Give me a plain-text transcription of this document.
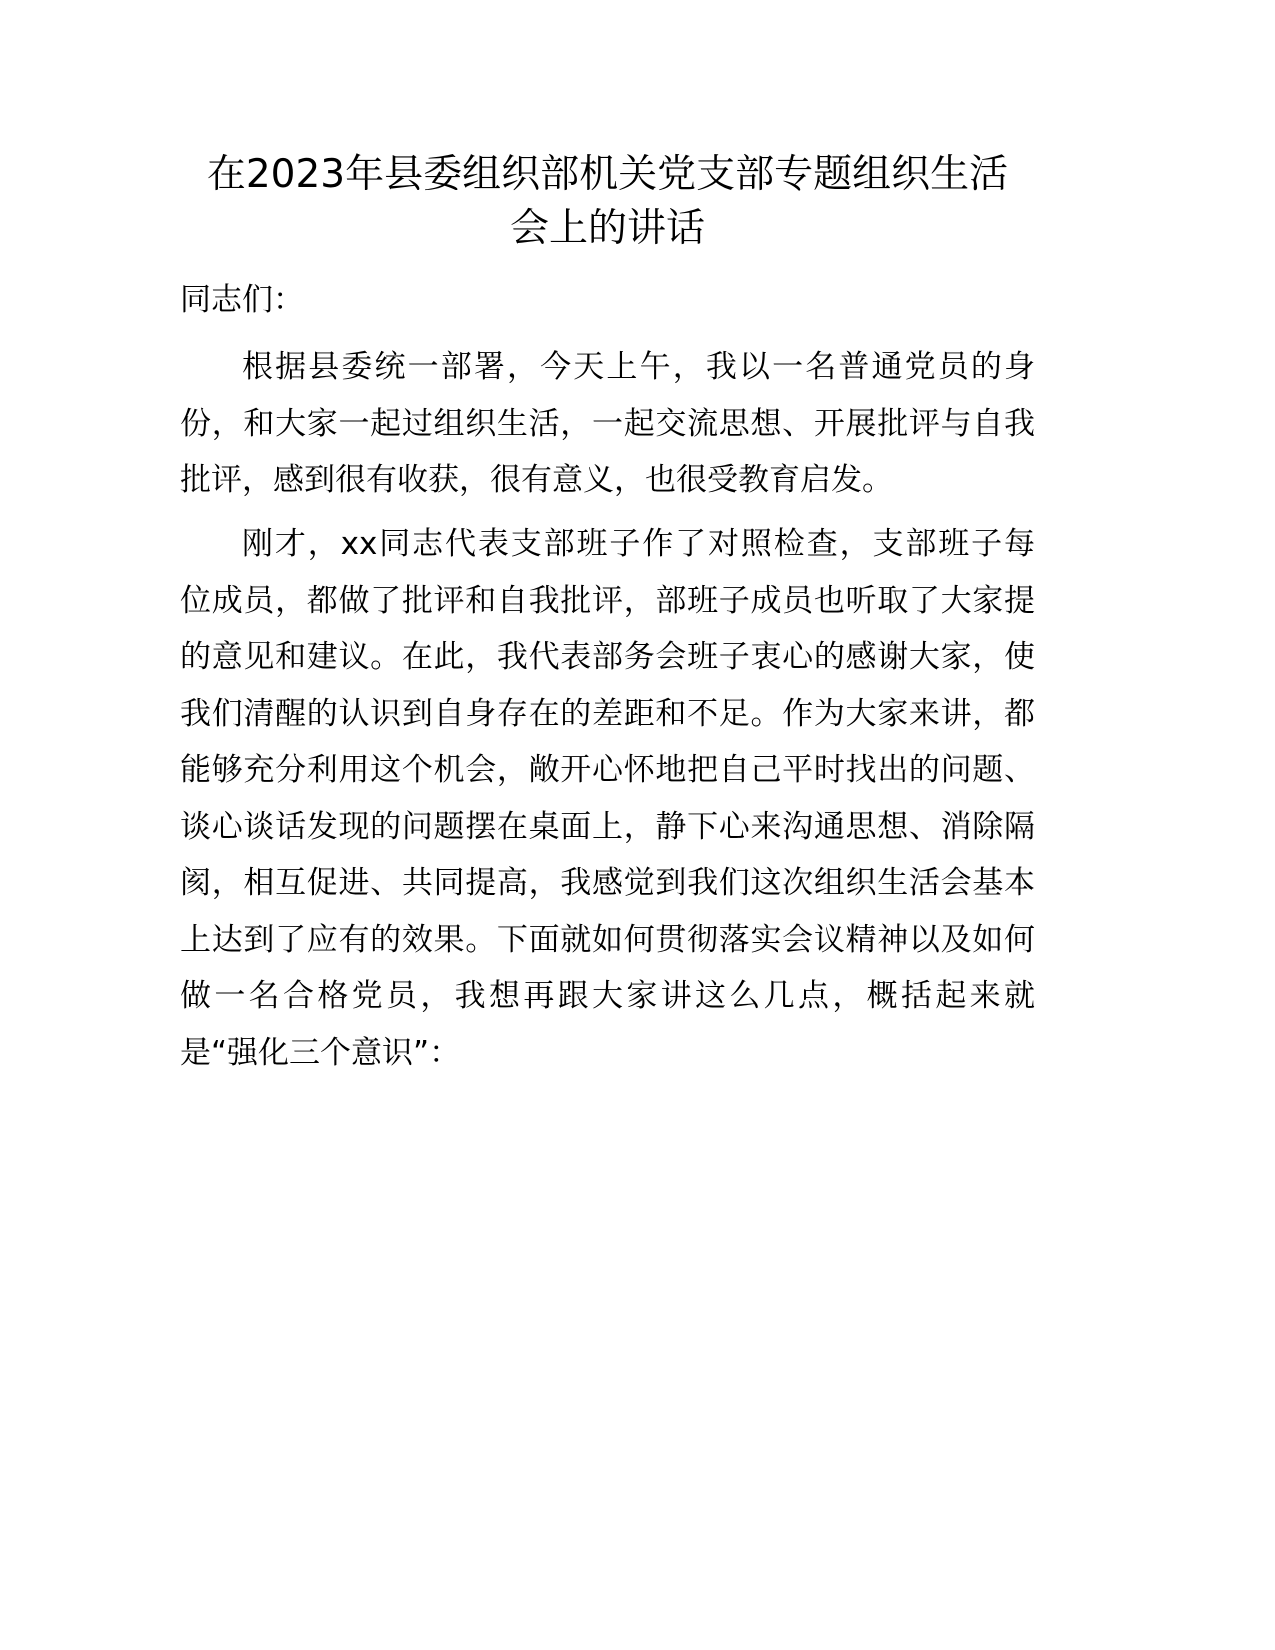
在2023年县委组织部机关党支部专题组织生活
会上的讲话
同志们：
根据县委统一部署，今天上午，我以一名普通党员的身
份，和大家一起过组织生活，一起交流思想、开展批评与自我
批评，感到很有收获，很有意义，也很受教育启发。
刚才，xx同志代表支部班子作了对照检查，支部班子每
位成员，都做了批评和自我批评，部班子成员也听取了大家提
的意见和建议。在此，我代表部务会班子衷心的感谢大家，使
我们清醒的认识到自身存在的差距和不足。作为大家来讲，都
能够充分利用这个机会，敞开心怀地把自己平时找出的问题、
谈心谈话发现的问题摆在桌面上，静下心来沟通思想、消除隔
阂，相互促进、共同提高，我感觉到我们这次组织生活会基本
上达到了应有的效果。下面就如何贯彻落实会议精神以及如何
做一名合格党员，我想再跟大家讲这么几点，概括起来就
是“强化三个意识”：
